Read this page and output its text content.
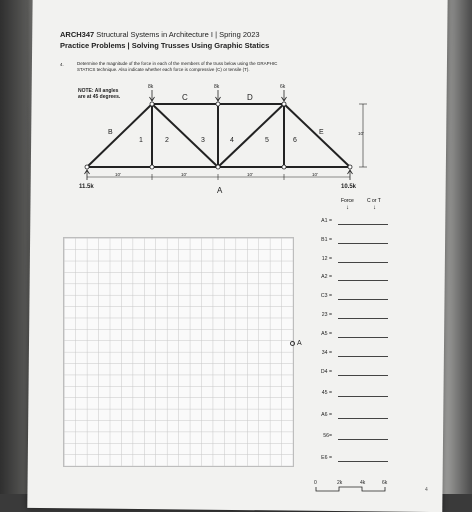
ARCH347 Structural Systems in Architecture I | Spring 2023
Practice Problems | Solving Trusses Using Graphic Statics
4.	Determine the magnitude of the force in each of the members of the truss below using the GRAPHIC
STATICS technique. Also indicate whether each force is compressive (C) or tensile (T).
NOTE: All angles
are at 45 degrees.
8k	8k	6k
B
C	D
E
A
1	2	3	4	5	6
10'	10'	10'	10'
10'
11.5k	10.5k
Force	C or T
↓	↓
A1 =
B1 =
12 =
A2 =
C3 =
23 =
A5 =
34 =
D4 =
45 =
A6 =
56=
E6 =
A
0	2k	4k	6k
4
